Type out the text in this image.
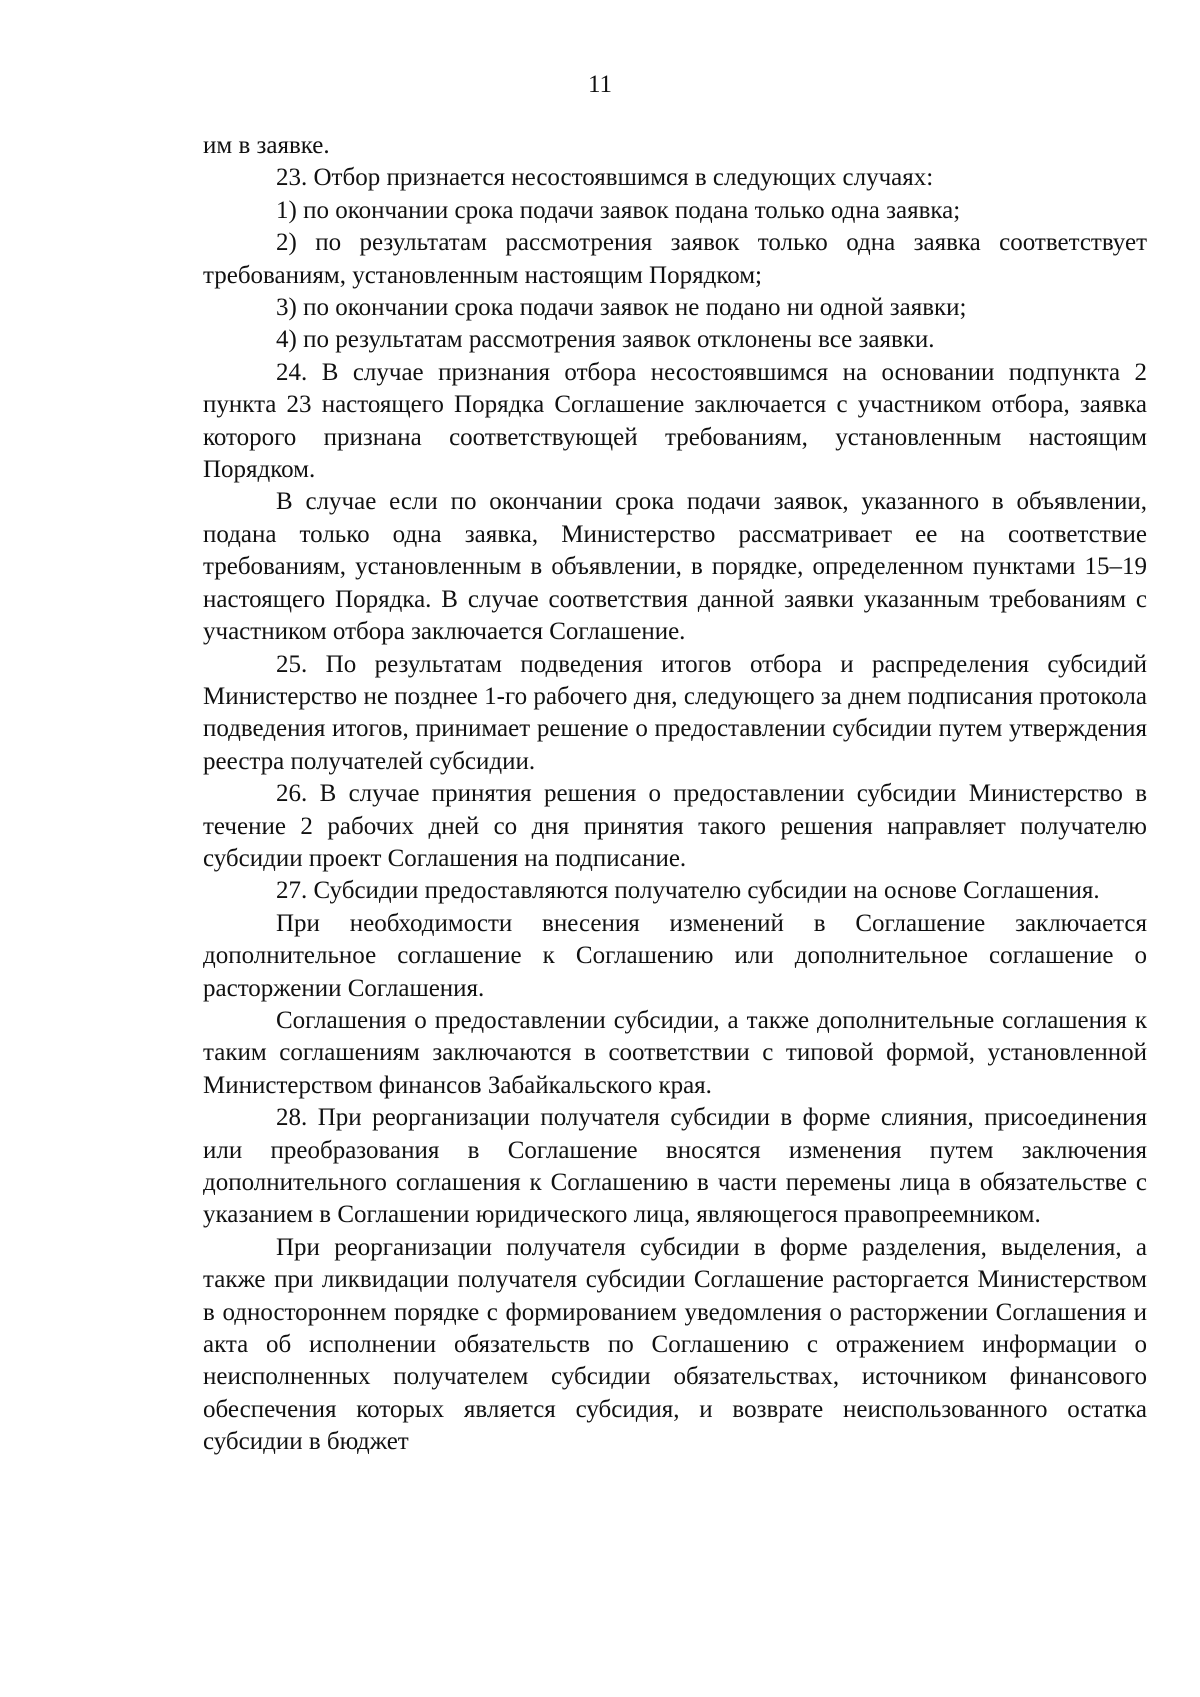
11

им в заявке.

23. Отбор признается несостоявшимся в следующих случаях:

1) по окончании срока подачи заявок подана только одна заявка;

2) по результатам рассмотрения заявок только одна заявка соответствует требованиям, установленным настоящим Порядком;

3) по окончании срока подачи заявок не подано ни одной заявки;

4) по результатам рассмотрения заявок отклонены все заявки.

24. В случае признания отбора несостоявшимся на основании подпункта 2 пункта 23 настоящего Порядка Соглашение заключается с участником отбора, заявка которого признана соответствующей требованиям, установленным настоящим Порядком.

В случае если по окончании срока подачи заявок, указанного в объявлении, подана только одна заявка, Министерство рассматривает ее на соответствие требованиям, установленным в объявлении, в порядке, определенном пунктами 15–19 настоящего Порядка. В случае соответствия данной заявки указанным требованиям с участником отбора заключается Соглашение.

25. По результатам подведения итогов отбора и распределения субсидий Министерство не позднее 1-го рабочего дня, следующего за днем подписания протокола подведения итогов, принимает решение о предоставлении субсидии путем утверждения реестра получателей субсидии.

26. В случае принятия решения о предоставлении субсидии Министерство в течение 2 рабочих дней со дня принятия такого решения направляет получателю субсидии проект Соглашения на подписание.

27. Субсидии предоставляются получателю субсидии на основе Соглашения.

При необходимости внесения изменений в Соглашение заключается дополнительное соглашение к Соглашению или дополнительное соглашение о расторжении Соглашения.

Соглашения о предоставлении субсидии, а также дополнительные соглашения к таким соглашениям заключаются в соответствии с типовой формой, установленной Министерством финансов Забайкальского края.

28. При реорганизации получателя субсидии в форме слияния, присоединения или преобразования в Соглашение вносятся изменения путем заключения дополнительного соглашения к Соглашению в части перемены лица в обязательстве с указанием в Соглашении юридического лица, являющегося правопреемником.

При реорганизации получателя субсидии в форме разделения, выделения, а также при ликвидации получателя субсидии Соглашение расторгается Министерством в одностороннем порядке с формированием уведомления о расторжении Соглашения и акта об исполнении обязательств по Соглашению с отражением информации о неисполненных получателем субсидии обязательствах, источником финансового обеспечения которых является субсидия, и возврате неиспользованного остатка субсидии в бюджет
